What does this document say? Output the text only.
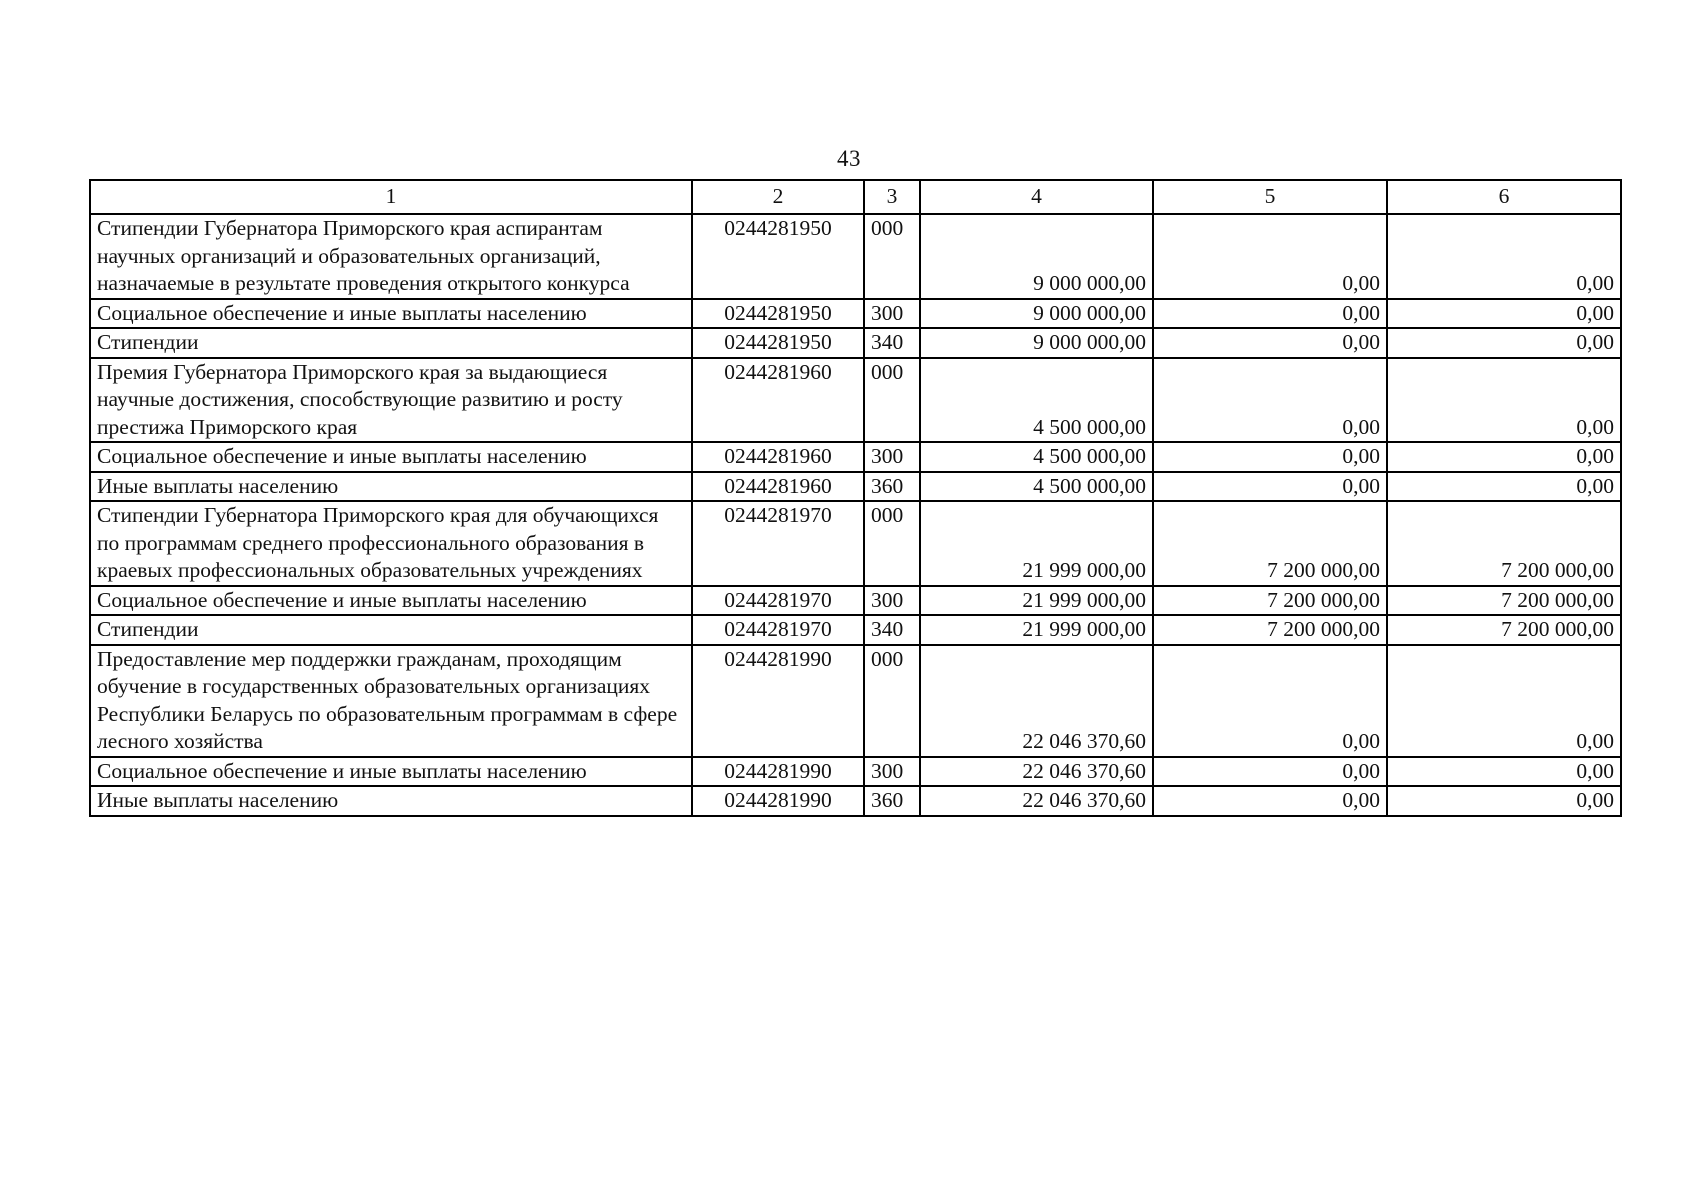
43
1	2	3	4	5	6
Стипендии Губернатора Приморского края аспирантам научных организаций и образовательных организаций, назначаемые в результате проведения открытого конкурса	0244281950	000	9 000 000,00	0,00	0,00
Социальное обеспечение и иные выплаты населению	0244281950	300	9 000 000,00	0,00	0,00
Стипендии	0244281950	340	9 000 000,00	0,00	0,00
Премия Губернатора Приморского края за выдающиеся научные достижения, способствующие развитию и росту престижа Приморского края	0244281960	000	4 500 000,00	0,00	0,00
Социальное обеспечение и иные выплаты населению	0244281960	300	4 500 000,00	0,00	0,00
Иные выплаты населению	0244281960	360	4 500 000,00	0,00	0,00
Стипендии Губернатора Приморского края для обучающихся по программам среднего профессионального образования в краевых профессиональных образовательных учреждениях	0244281970	000	21 999 000,00	7 200 000,00	7 200 000,00
Социальное обеспечение и иные выплаты населению	0244281970	300	21 999 000,00	7 200 000,00	7 200 000,00
Стипендии	0244281970	340	21 999 000,00	7 200 000,00	7 200 000,00
Предоставление мер поддержки гражданам, проходящим обучение в государственных образовательных организациях Республики Беларусь по образовательным программам в сфере лесного хозяйства	0244281990	000	22 046 370,60	0,00	0,00
Социальное обеспечение и иные выплаты населению	0244281990	300	22 046 370,60	0,00	0,00
Иные выплаты населению	0244281990	360	22 046 370,60	0,00	0,00
